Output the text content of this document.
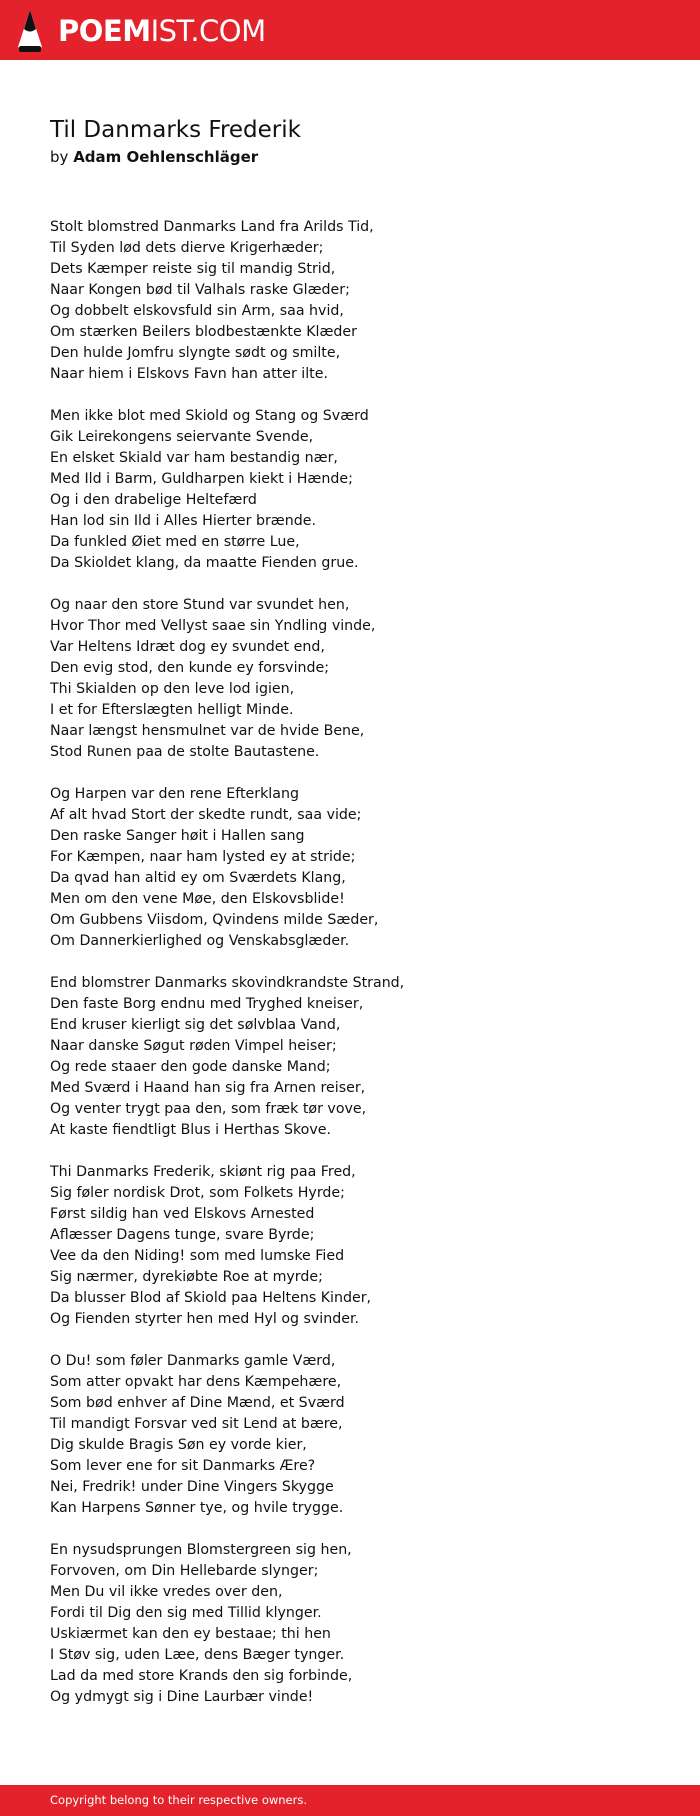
POEMIST.COM
Til Danmarks Frederik
by Adam Oehlenschläger
Stolt blomstred Danmarks Land fra Arilds Tid,
Til Syden lød dets dierve Krigerhæder;
Dets Kæmper reiste sig til mandig Strid,
Naar Kongen bød til Valhals raske Glæder;
Og dobbelt elskovsfuld sin Arm, saa hvid,
Om stærken Beilers blodbestænkte Klæder
Den hulde Jomfru slyngte sødt og smilte,
Naar hiem i Elskovs Favn han atter ilte.
Men ikke blot med Skiold og Stang og Sværd
Gik Leirekongens seiervante Svende,
En elsket Skiald var ham bestandig nær,
Med Ild i Barm, Guldharpen kiekt i Hænde;
Og i den drabelige Heltefærd
Han lod sin Ild i Alles Hierter brænde.
Da funkled Øiet med en større Lue,
Da Skioldet klang, da maatte Fienden grue.
Og naar den store Stund var svundet hen,
Hvor Thor med Vellyst saae sin Yndling vinde,
Var Heltens Idræt dog ey svundet end,
Den evig stod, den kunde ey forsvinde;
Thi Skialden op den leve lod igien,
I et for Efterslægten helligt Minde.
Naar længst hensmulnet var de hvide Bene,
Stod Runen paa de stolte Bautastene.
Og Harpen var den rene Efterklang
Af alt hvad Stort der skedte rundt, saa vide;
Den raske Sanger høit i Hallen sang
For Kæmpen, naar ham lysted ey at stride;
Da qvad han altid ey om Sværdets Klang,
Men om den vene Møe, den Elskovsblide!
Om Gubbens Viisdom, Qvindens milde Sæder,
Om Dannerkierlighed og Venskabsglæder.
End blomstrer Danmarks skovindkrandste Strand,
Den faste Borg endnu med Tryghed kneiser,
End kruser kierligt sig det sølvblaa Vand,
Naar danske Søgut røden Vimpel heiser;
Og rede staaer den gode danske Mand;
Med Sværd i Haand han sig fra Arnen reiser,
Og venter trygt paa den, som fræk tør vove,
At kaste fiendtligt Blus i Herthas Skove.
Thi Danmarks Frederik, skiønt rig paa Fred,
Sig føler nordisk Drot, som Folkets Hyrde;
Først sildig han ved Elskovs Arnested
Aflæsser Dagens tunge, svare Byrde;
Vee da den Niding! som med lumske Fied
Sig nærmer, dyrekiøbte Roe at myrde;
Da blusser Blod af Skiold paa Heltens Kinder,
Og Fienden styrter hen med Hyl og svinder.
O Du! som føler Danmarks gamle Værd,
Som atter opvakt har dens Kæmpehære,
Som bød enhver af Dine Mænd, et Sværd
Til mandigt Forsvar ved sit Lend at bære,
Dig skulde Bragis Søn ey vorde kier,
Som lever ene for sit Danmarks Ære?
Nei, Fredrik! under Dine Vingers Skygge
Kan Harpens Sønner tye, og hvile trygge.
En nysudsprungen Blomstergreen sig hen,
Forvoven, om Din Hellebarde slynger;
Men Du vil ikke vredes over den,
Fordi til Dig den sig med Tillid klynger.
Uskiærmet kan den ey bestaae; thi hen
I Støv sig, uden Læe, dens Bæger tynger.
Lad da med store Krands den sig forbinde,
Og ydmygt sig i Dine Laurbær vinde!
Copyright belong to their respective owners.
